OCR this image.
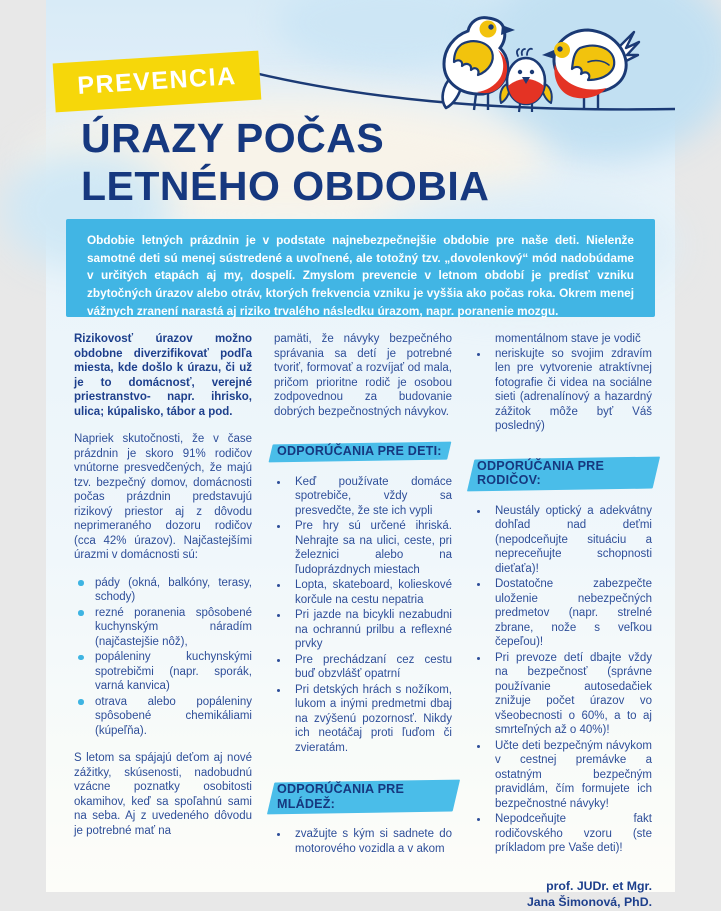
PREVENCIA
ÚRAZY POČAS
LETNÉHO OBDOBIA

Obdobie letných prázdnin je v podstate najnebezpečnejšie obdobie pre naše deti. Nielenže samotné deti sú menej sústredené a uvoľnené, ale totožný tzv. „dovolenkový“ mód nadobúdame v určitých etapách aj my, dospelí. Zmyslom prevencie v letnom období je predísť vzniku zbytočných úrazov alebo otráv, ktorých frekvencia vzniku je vyššia ako počas roka. Okrem menej vážnych zranení narastá aj riziko trvalého následku úrazom, napr. poranenie mozgu.

Rizikovosť úrazov možno obdobne diverzifikovať podľa miesta, kde došlo k úrazu, či už je to domácnosť, verejné priestranstvo- napr. ihrisko, ulica; kúpalisko, tábor a pod.

Napriek skutočnosti, že v čase prázdnin je skoro 91% rodičov vnútorne presvedčených, že majú tzv. bezpečný domov, domácnosti počas prázdnin predstavujú rizikový priestor aj z dôvodu neprimeraného dozoru rodičov (cca 42% úrazov). Najčastejšími úrazmi v domácnosti sú:

pády (okná, balkóny, terasy, schody)
rezné poranenia spôsobené kuchynským náradím (najčastejšie nôž),
popáleniny kuchynskými spotrebičmi (napr. sporák, varná kanvica)
otrava alebo popáleniny spôsobené chemikáliami (kúpeľňa).

S letom sa spájajú deťom aj nové zážitky, skúsenosti, nadobudnú vzácne poznatky osobitosti okamihov, keď sa spoľahnú sami na seba. Aj z uvedeného dôvodu je potrebné mať na

pamäti, že návyky bezpečného správania sa detí je potrebné tvoriť, formovať a rozvíjať od mala, pričom prioritne rodič je osobou zodpovednou za budovanie dobrých bezpečnostných návykov.

ODPORÚČANIA PRE DETI:
Keď používate domáce spotrebiče, vždy sa presvedčte, že ste ich vypli
Pre hry sú určené ihriská. Nehrajte sa na ulici, ceste, pri železnici alebo na ľudoprázdnych miestach
Lopta, skateboard, kolieskové korčule na cestu nepatria
Pri jazde na bicykli nezabudni na ochrannú prilbu a reflexné prvky
Pre prechádzaní cez cestu buď obzvlášť opatrní
Pri detských hrách s nožíkom, lukom a inými predmetmi dbaj na zvýšenú pozornosť. Nikdy ich neotáčaj proti ľuďom či zvieratám.
ODPORÚČANIA PRE MLÁDEŽ:
zvažujte s kým si sadnete do motorového vozidla a v akom

momentálnom stave je vodič

neriskujte so svojim zdravím len pre vytvorenie atraktívnej fotografie či videa na sociálne sieti (adrenalínový a hazardný zážitok môže byť Váš posledný)
ODPORÚČANIA PRE RODIČOV:
Neustály optický a adekvátny dohľad nad deťmi (nepodceňujte situáciu a nepreceňujte schopnosti dieťaťa)!
Dostatočne zabezpečte uloženie nebezpečných predmetov (napr. strelné zbrane, nože s veľkou čepeľou)!
Pri prevoze detí dbajte vždy na bezpečnosť (správne používanie autosedačiek znižuje počet úrazov vo všeobecnosti o 60%, a to aj smrteľných až o 40%)!
Učte deti bezpečným návykom v cestnej premávke a ostatným bezpečným pravidlám, čím formujete ich bezpečnostné návyky!
Nepodceňujte fakt rodičovského vzoru (ste príkladom pre Vaše deti)!
prof. JUDr. et Mgr.
Jana Šimonová, PhD.
